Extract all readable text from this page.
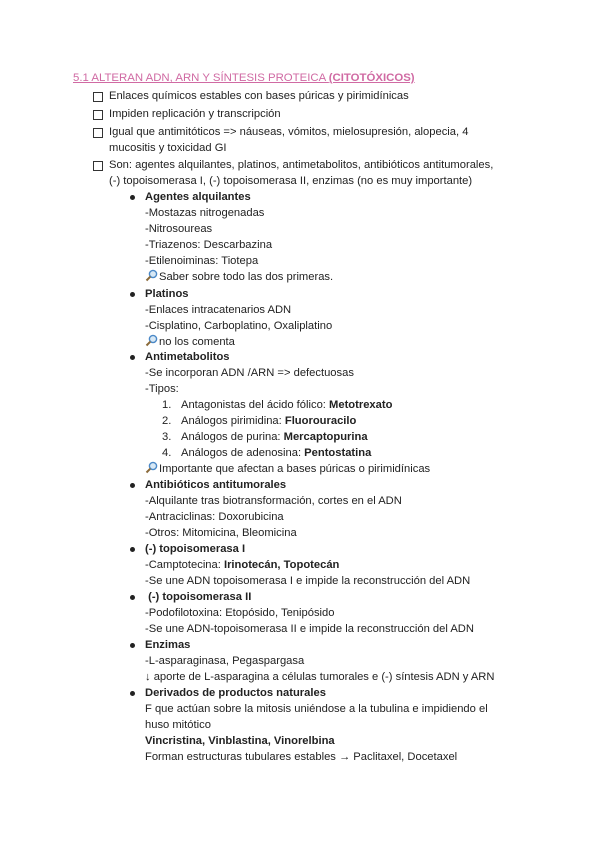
5.1 ALTERAN ADN, ARN Y SÍNTESIS PROTEICA (CITOTÓXICOS)
Enlaces químicos estables con bases púricas y pirimidínicas
Impiden replicación y transcripción
Igual que antimitóticos => náuseas, vómitos, mielosupresión, alopecia, 4
mucositis y toxicidad GI
Son: agentes alquilantes, platinos, antimetabolitos, antibióticos antitumorales,
(-) topoisomerasa I, (-) topoisomerasa II, enzimas (no es muy importante)
Agentes alquilantes
-Mostazas nitrogenadas
-Nitrosoureas
-Triazenos: Descarbazina
-Etilenoiminas: Tiotepa
Saber sobre todo las dos primeras.
Platinos
-Enlaces intracatenarios ADN
-Cisplatino, Carboplatino, Oxaliplatino
no los comenta
Antimetabolitos
-Se incorporan ADN /ARN => defectuosas
-Tipos:
1. Antagonistas del ácido fólico: Metotrexato
2. Análogos pirimidina: Fluorouracilo
3. Análogos de purina: Mercaptopurina
4. Análogos de adenosina: Pentostatina
Importante que afectan a bases púricas o pirimidínicas
Antibióticos antitumorales
-Alquilante tras biotransformación, cortes en el ADN
-Antraciclinas: Doxorubicina
-Otros: Mitomicina, Bleomicina
(-) topoisomerasa I
-Camptotecina: Irinotecán, Topotecán
-Se une ADN topoisomerasa I e impide la reconstrucción del ADN
(-) topoisomerasa II
-Podofilotoxina: Etopósido, Tenipósido
-Se une ADN-topoisomerasa II e impide la reconstrucción del ADN
Enzimas
-L-asparaginasa, Pegaspargasa
↓ aporte de L-asparagina a células tumorales e (-) síntesis ADN y ARN
Derivados de productos naturales
F que actúan sobre la mitosis uniéndose a la tubulina e impidiendo el
huso mitótico
Vincristina, Vinblastina, Vinorelbina
Forman estructuras tubulares estables → Paclitaxel, Docetaxel
